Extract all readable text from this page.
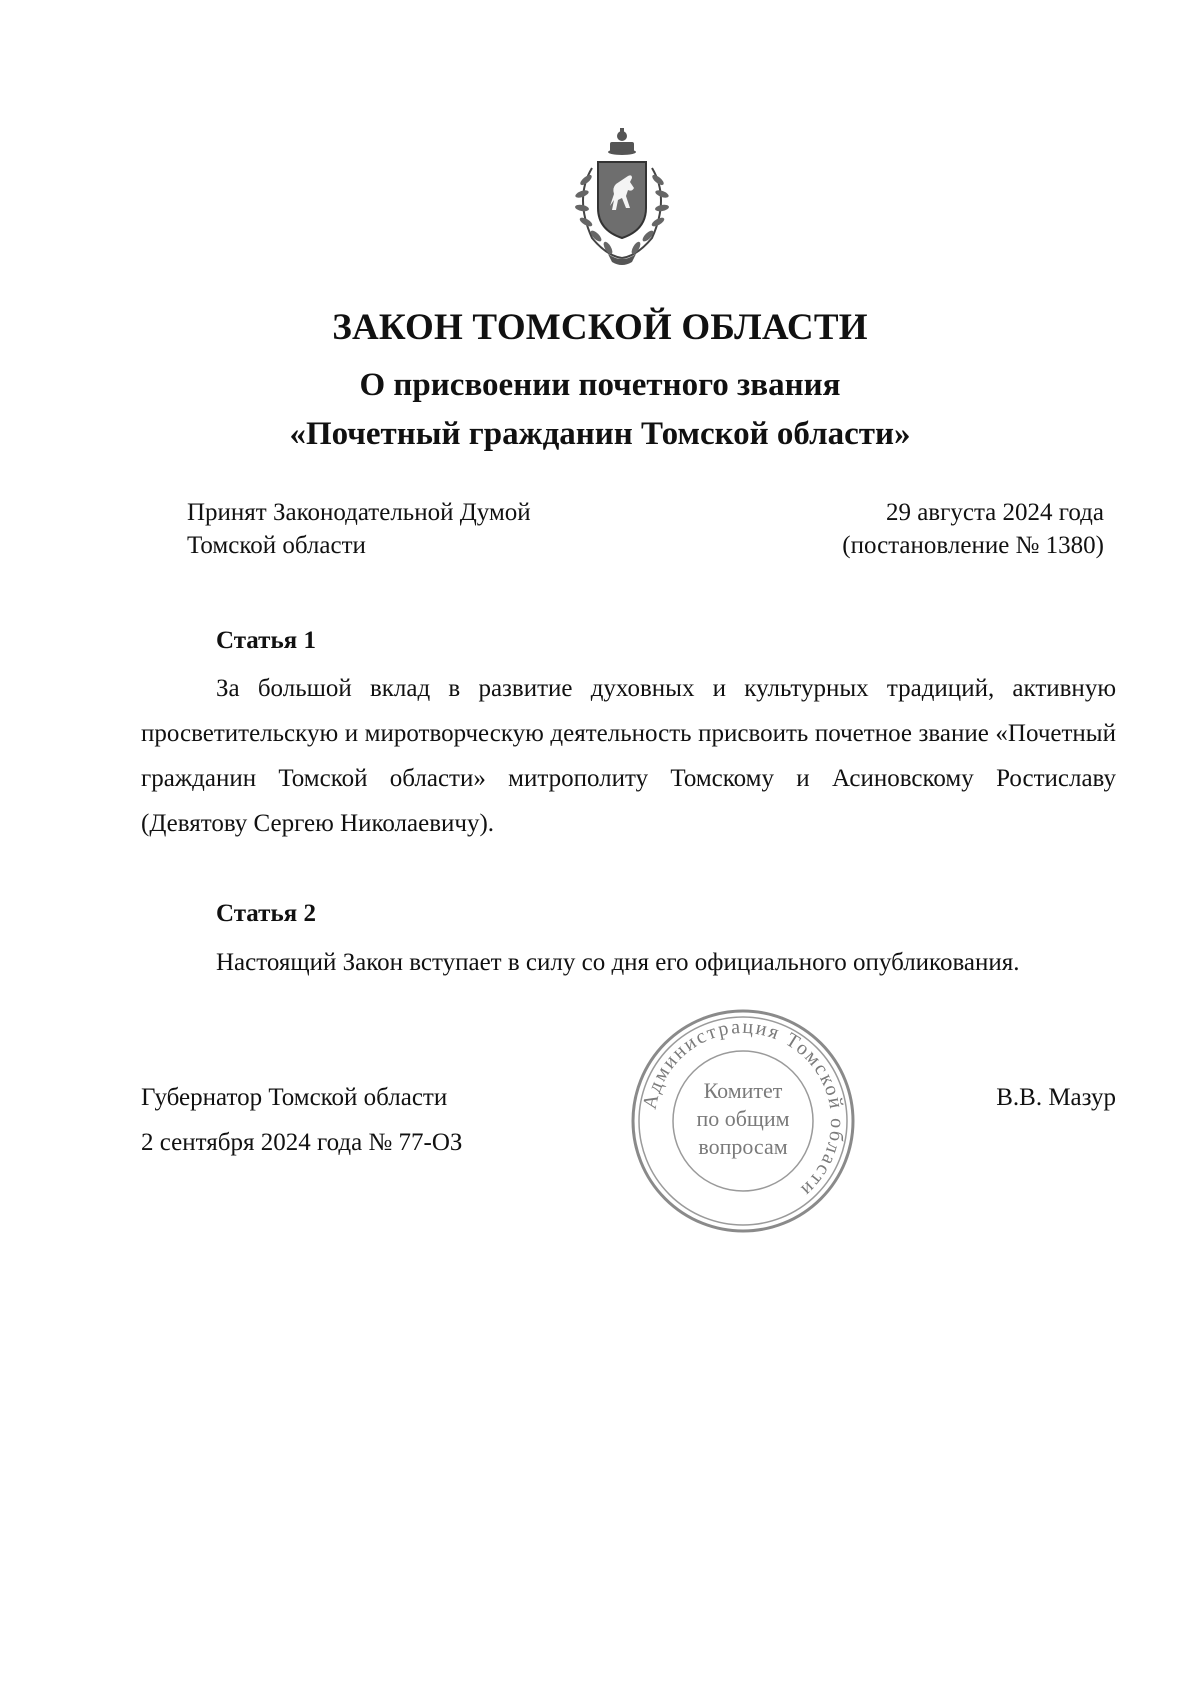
ЗАКОН ТОМСКОЙ ОБЛАСТИ
О присвоении почетного звания
«Почетный гражданин Томской области»
Принят Законодательной Думой
Томской области
29 августа 2024 года
(постановление № 1380)
Статья 1

За большой вклад в развитие духовных и культурных традиций, активную просветительскую и миротворческую деятельность присвоить почетное звание «Почетный гражданин Томской области» митрополиту Томскому и Асиновскому Ростиславу (Девятову Сергею Николаевичу).

Статья 2

Настоящий Закон вступает в силу со дня его официального опубликования.

Губернатор Томской области
2 сентября 2024 года № 77-ОЗ
Администрация Томской области
Комитет
по общим
вопросам
В.В. Мазур
